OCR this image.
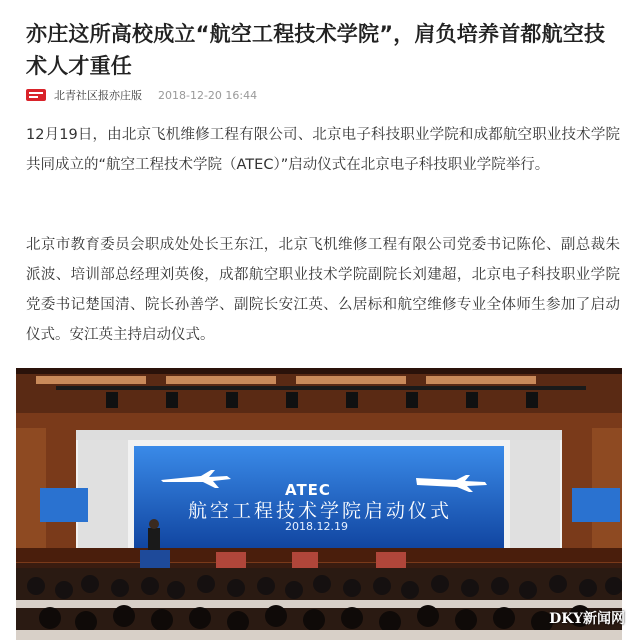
亦庄这所高校成立“航空工程技术学院”，肩负培养首都航空技术人才重任
北青社区报亦庄版 2018-12-20 16:44
12月19日，由北京飞机维修工程有限公司、北京电子科技职业学院和成都航空职业技术学院共同成立的“航空工程技术学院（ATEC）”启动仪式在北京电子科技职业学院举行。
北京市教育委员会职成处处长王东江，北京飞机维修工程有限公司党委书记陈伦、副总裁朱派波、培训部总经理刘英俊，成都航空职业技术学院副院长刘建超，北京电子科技职业学院党委书记楚国清、院长孙善学、副院长安江英、么居标和航空维修专业全体师生参加了启动仪式。安江英主持启动仪式。
ATEC
航空工程技术学院启动仪式
2018.12.19
DKY新闻网
